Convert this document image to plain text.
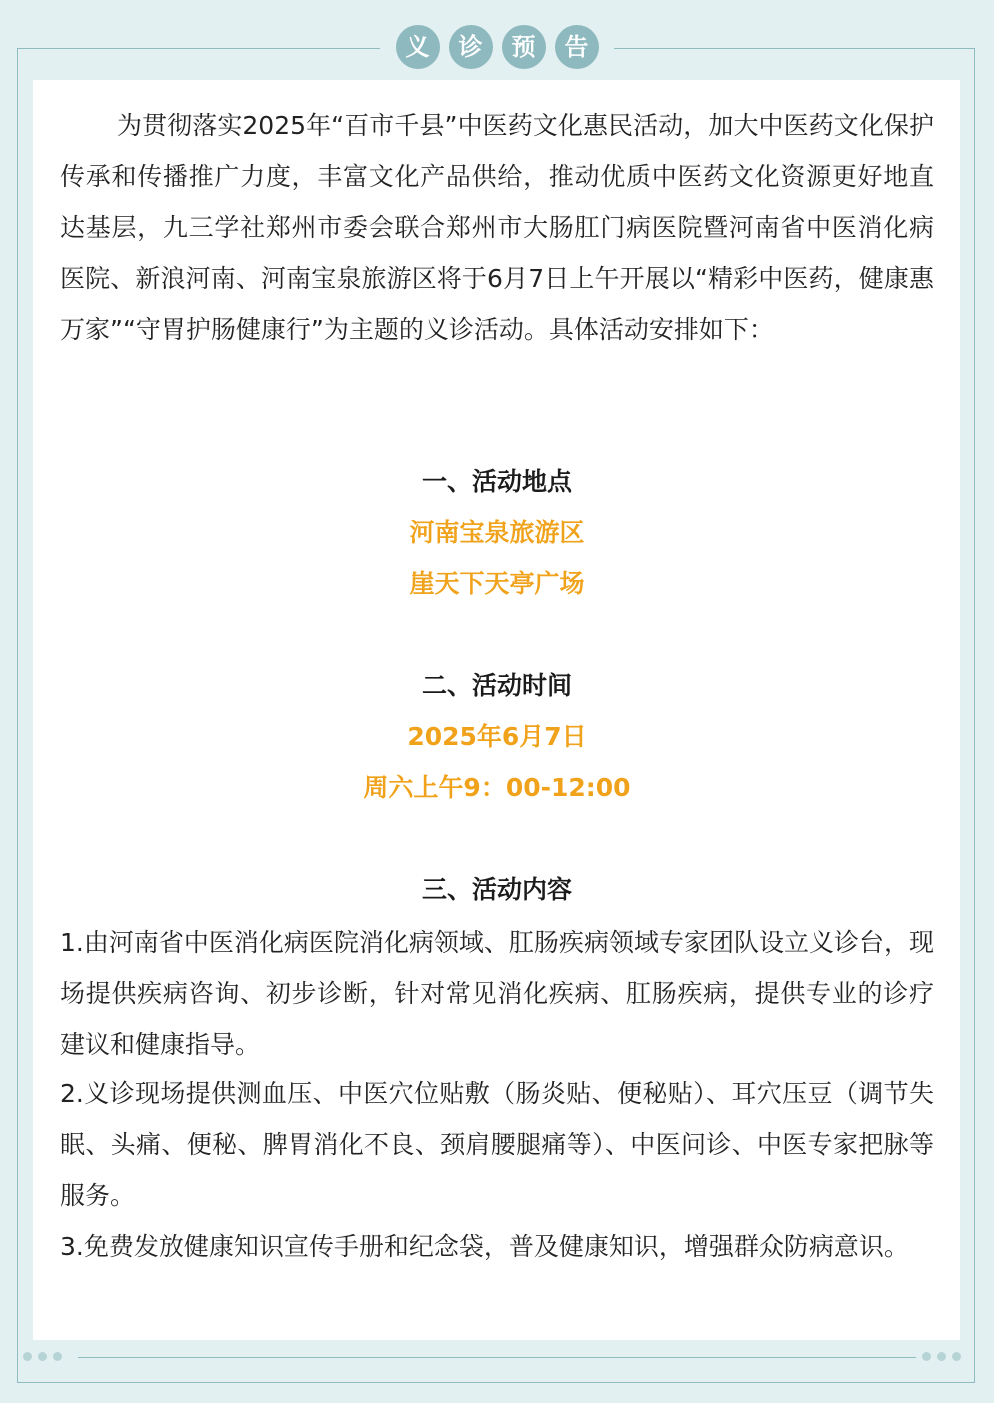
义	诊	预	告

为贯彻落实2025年“百市千县”中医药文化惠民活动，加大中医药文化保护传承和传播推广力度，丰富文化产品供给，推动优质中医药文化资源更好地直达基层，九三学社郑州市委会联合郑州市大肠肛门病医院暨河南省中医消化病医院、新浪河南、河南宝泉旅游区将于6月7日上午开展以“精彩中医药，健康惠万家”“守胃护肠健康行”为主题的义诊活动。具体活动安排如下：

一、活动地点

河南宝泉旅游区

崖天下天亭广场

二、活动时间

2025年6月7日

周六上午9：00-12:00

三、活动内容

1.由河南省中医消化病医院消化病领域、肛肠疾病领域专家团队设立义诊台，现场提供疾病咨询、初步诊断，针对常见消化疾病、肛肠疾病，提供专业的诊疗建议和健康指导。

2.义诊现场提供测血压、中医穴位贴敷（肠炎贴、便秘贴）、耳穴压豆（调节失眠、头痛、便秘、脾胃消化不良、颈肩腰腿痛等）、中医问诊、中医专家把脉等服务。

3.免费发放健康知识宣传手册和纪念袋，普及健康知识，增强群众防病意识。
